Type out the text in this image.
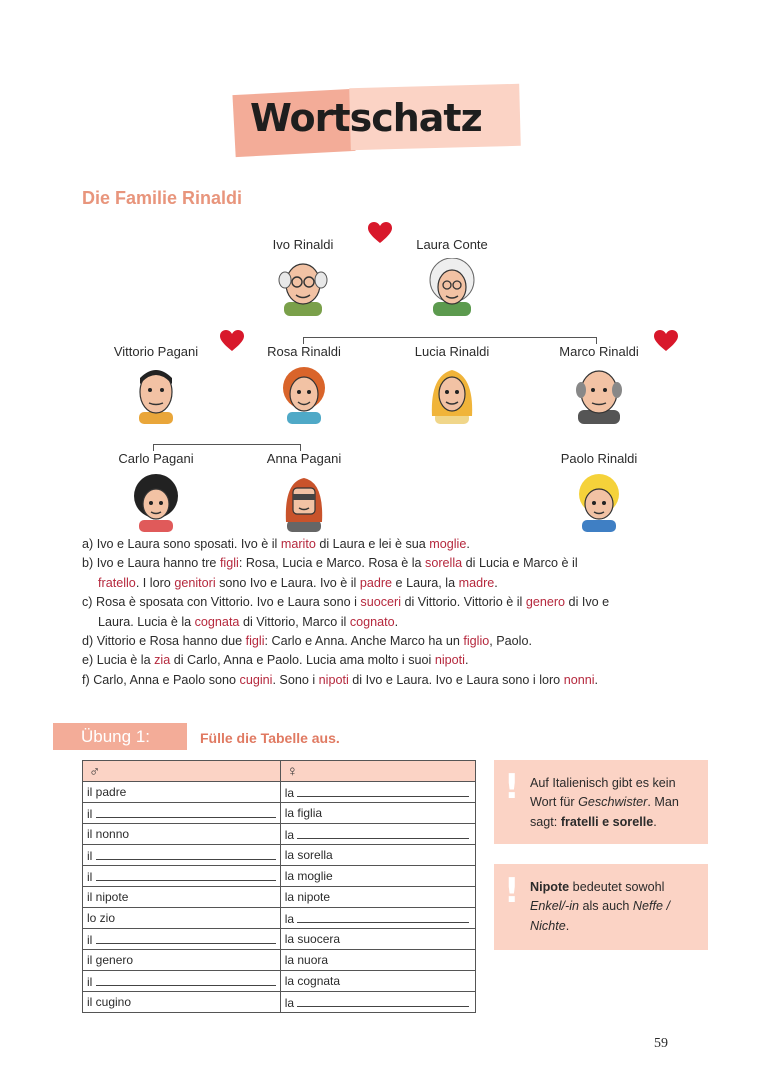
Wortschatz
Die Familie Rinaldi
Ivo Rinaldi	Laura Conte
Vittorio Pagani	Rosa Rinaldi	Lucia Rinaldi	Marco Rinaldi
Carlo Pagani	Anna Pagani	Paolo Rinaldi
a) Ivo e Laura sono sposati. Ivo è il marito di Laura e lei è sua moglie.
b) Ivo e Laura hanno tre figli: Rosa, Lucia e Marco. Rosa è la sorella di Lucia e Marco è il
fratello. I loro genitori sono Ivo e Laura. Ivo è il padre e Laura, la madre.
c) Rosa è sposata con Vittorio. Ivo e Laura sono i suoceri di Vittorio. Vittorio è il genero di Ivo e
Laura. Lucia è la cognata di Vittorio, Marco il cognato.
d) Vittorio e Rosa hanno due figli: Carlo e Anna. Anche Marco ha un figlio, Paolo.
e) Lucia è la zia di Carlo, Anna e Paolo. Lucia ama molto i suoi nipoti.
f) Carlo, Anna e Paolo sono cugini. Sono i nipoti di Ivo e Laura. Ivo e Laura sono i loro nonni.
Übung 1:	Fülle die Tabelle aus.
♂	♀
il padre	la
il	la figlia
il nonno	la
il	la sorella
il	la moglie
il nipote	la nipote
lo zio	la
il	la suocera
il genero	la nuora
il	la cognata
il cugino	la
! Auf Italienisch gibt es kein Wort für Geschwister. Man sagt: fratelli e sorelle.
! Nipote bedeutet sowohl Enkel/-in als auch Neffe / Nichte.
59
